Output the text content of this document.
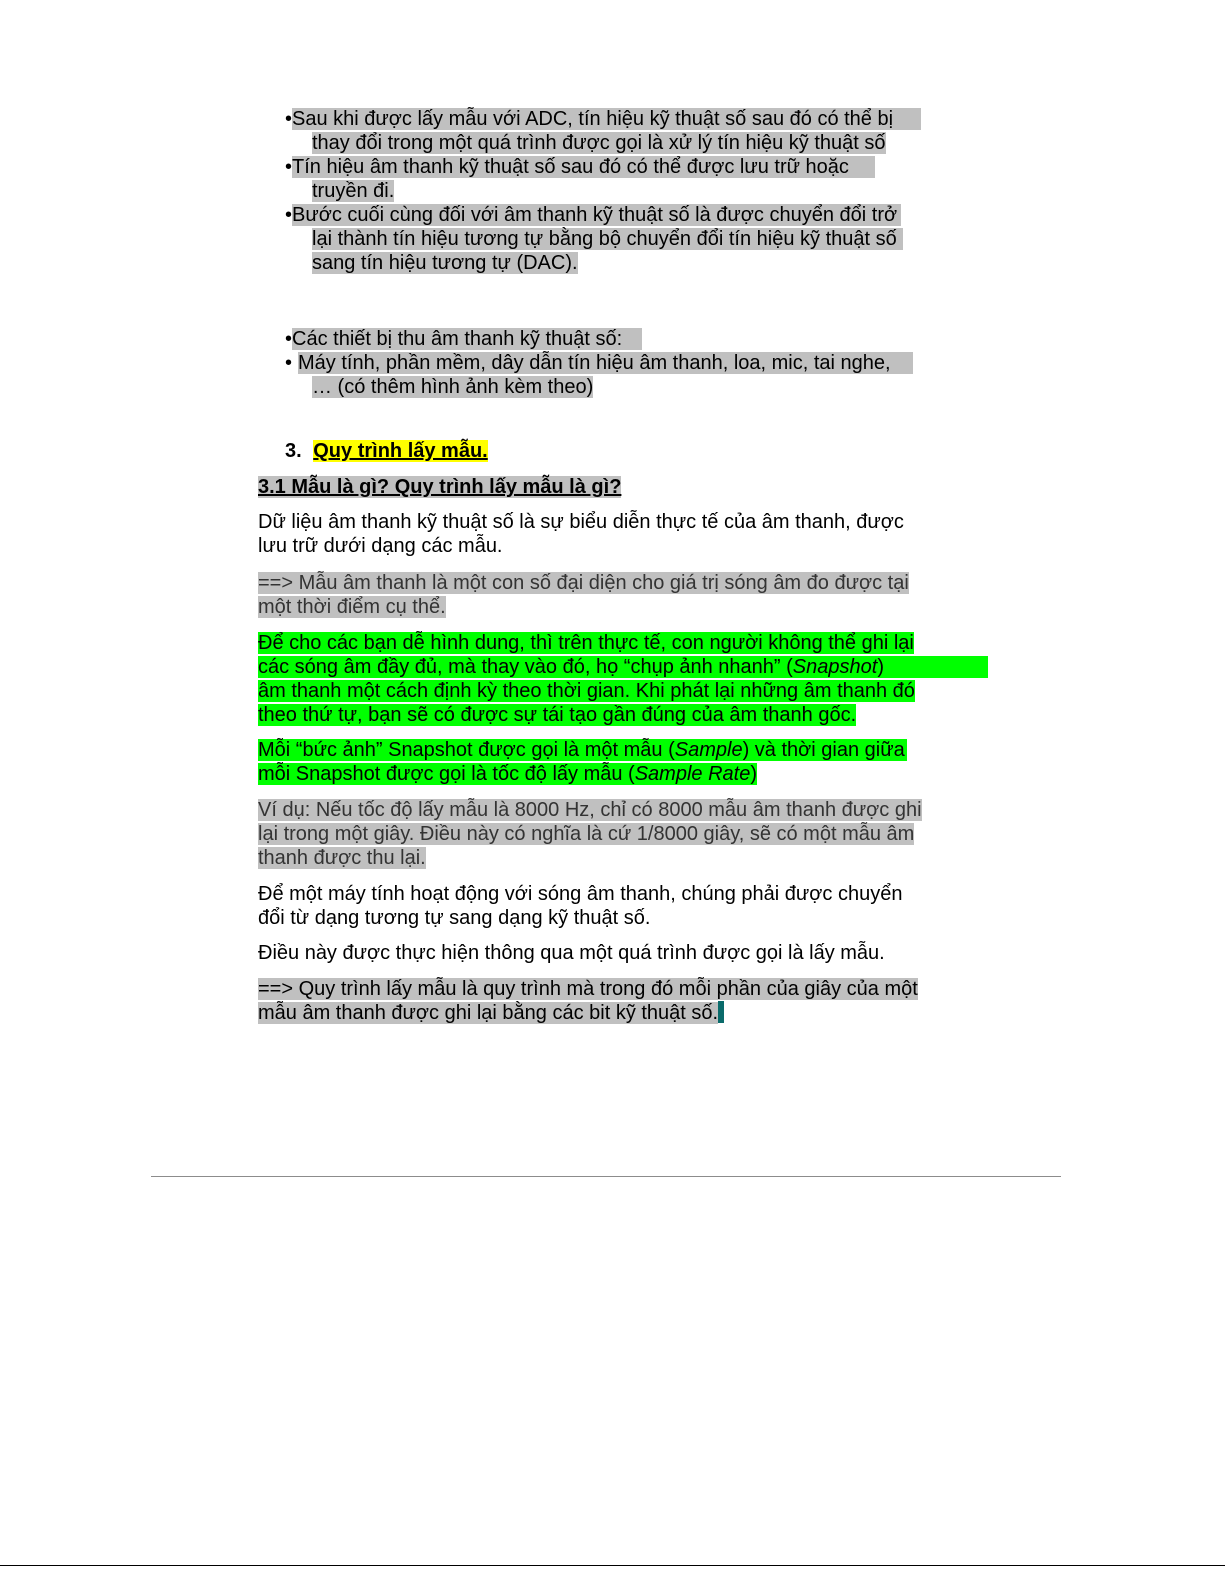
•Sau khi được lấy mẫu với ADC, tín hiệu kỹ thuật số sau đó có thể bị
thay đổi trong một quá trình được gọi là xử lý tín hiệu kỹ thuật số
•Tín hiệu âm thanh kỹ thuật số sau đó có thể được lưu trữ hoặc
truyền đi.
•Bước cuối cùng đối với âm thanh kỹ thuật số là được chuyển đổi trở
lại thành tín hiệu tương tự bằng bộ chuyển đổi tín hiệu kỹ thuật số
sang tín hiệu tương tự (DAC).
•Các thiết bị thu âm thanh kỹ thuật số:
• Máy tính, phần mềm, dây dẫn tín hiệu âm thanh, loa, mic, tai nghe,
… (có thêm hình ảnh kèm theo)
3. Quy trình lấy mẫu.
3.1 Mẫu là gì? Quy trình lấy mẫu là gì?
Dữ liệu âm thanh kỹ thuật số là sự biểu diễn thực tế của âm thanh, được
lưu trữ dưới dạng các mẫu.
==> Mẫu âm thanh là một con số đại diện cho giá trị sóng âm đo được tại
một thời điểm cụ thể.
Để cho các bạn dễ hình dung, thì trên thực tế, con người không thể ghi lại
các sóng âm đầy đủ, mà thay vào đó, họ “chụp ảnh nhanh” (Snapshot)
âm thanh một cách định kỳ theo thời gian. Khi phát lại những âm thanh đó
theo thứ tự, bạn sẽ có được sự tái tạo gần đúng của âm thanh gốc.
Mỗi “bức ảnh” Snapshot được gọi là một mẫu (Sample) và thời gian giữa
mỗi Snapshot được gọi là tốc độ lấy mẫu (Sample Rate)
Ví dụ: Nếu tốc độ lấy mẫu là 8000 Hz, chỉ có 8000 mẫu âm thanh được ghi
lại trong một giây. Điều này có nghĩa là cứ 1/8000 giây, sẽ có một mẫu âm
thanh được thu lại.
Để một máy tính hoạt động với sóng âm thanh, chúng phải được chuyển
đổi từ dạng tương tự sang dạng kỹ thuật số.
Điều này được thực hiện thông qua một quá trình được gọi là lấy mẫu.
==> Quy trình lấy mẫu là quy trình mà trong đó mỗi phần của giây của một
mẫu âm thanh được ghi lại bằng các bit kỹ thuật số.
